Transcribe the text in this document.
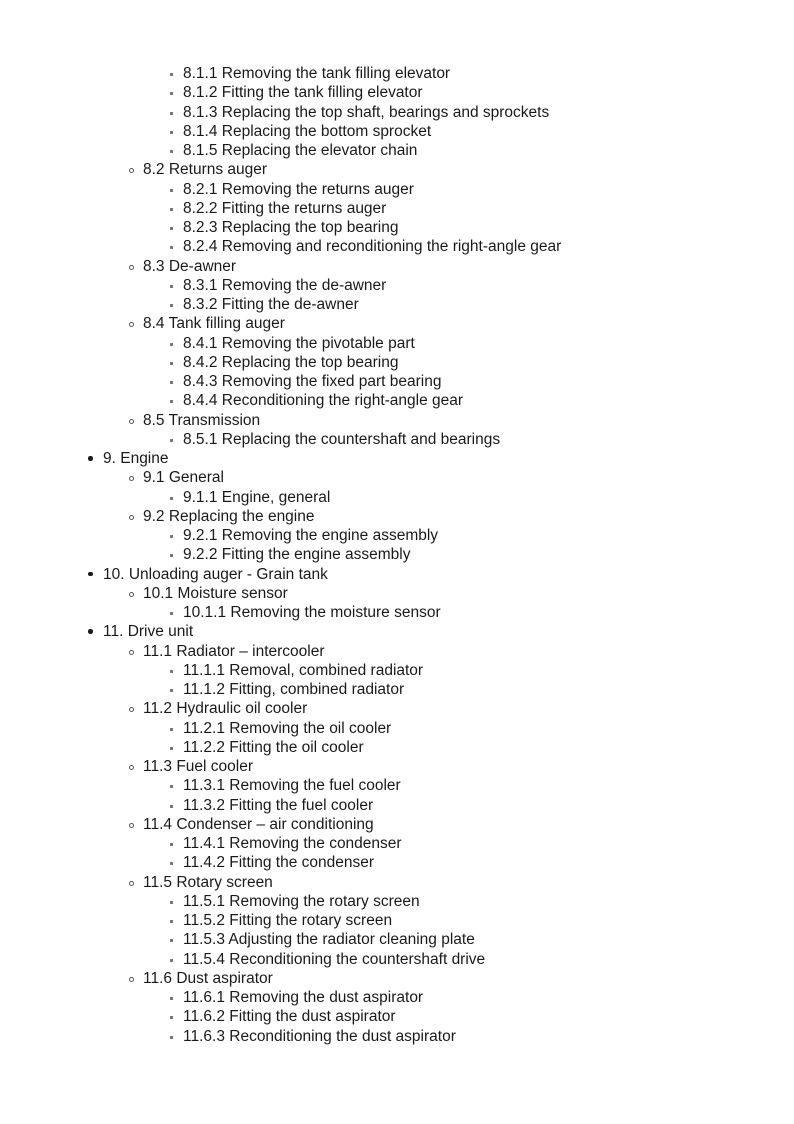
8.1.1 Removing the tank filling elevator
8.1.2 Fitting the tank filling elevator
8.1.3 Replacing the top shaft, bearings and sprockets
8.1.4 Replacing the bottom sprocket
8.1.5 Replacing the elevator chain
8.2 Returns auger
8.2.1 Removing the returns auger
8.2.2 Fitting the returns auger
8.2.3 Replacing the top bearing
8.2.4 Removing and reconditioning the right-angle gear
8.3 De-awner
8.3.1 Removing the de-awner
8.3.2 Fitting the de-awner
8.4 Tank filling auger
8.4.1 Removing the pivotable part
8.4.2 Replacing the top bearing
8.4.3 Removing the fixed part bearing
8.4.4 Reconditioning the right-angle gear
8.5 Transmission
8.5.1 Replacing the countershaft and bearings
9. Engine
9.1 General
9.1.1 Engine, general
9.2 Replacing the engine
9.2.1 Removing the engine assembly
9.2.2 Fitting the engine assembly
10. Unloading auger - Grain tank
10.1 Moisture sensor
10.1.1 Removing the moisture sensor
11. Drive unit
11.1 Radiator – intercooler
11.1.1 Removal, combined radiator
11.1.2 Fitting, combined radiator
11.2 Hydraulic oil cooler
11.2.1 Removing the oil cooler
11.2.2 Fitting the oil cooler
11.3 Fuel cooler
11.3.1 Removing the fuel cooler
11.3.2 Fitting the fuel cooler
11.4 Condenser – air conditioning
11.4.1 Removing the condenser
11.4.2 Fitting the condenser
11.5 Rotary screen
11.5.1 Removing the rotary screen
11.5.2 Fitting the rotary screen
11.5.3 Adjusting the radiator cleaning plate
11.5.4 Reconditioning the countershaft drive
11.6 Dust aspirator
11.6.1 Removing the dust aspirator
11.6.2 Fitting the dust aspirator
11.6.3 Reconditioning the dust aspirator
